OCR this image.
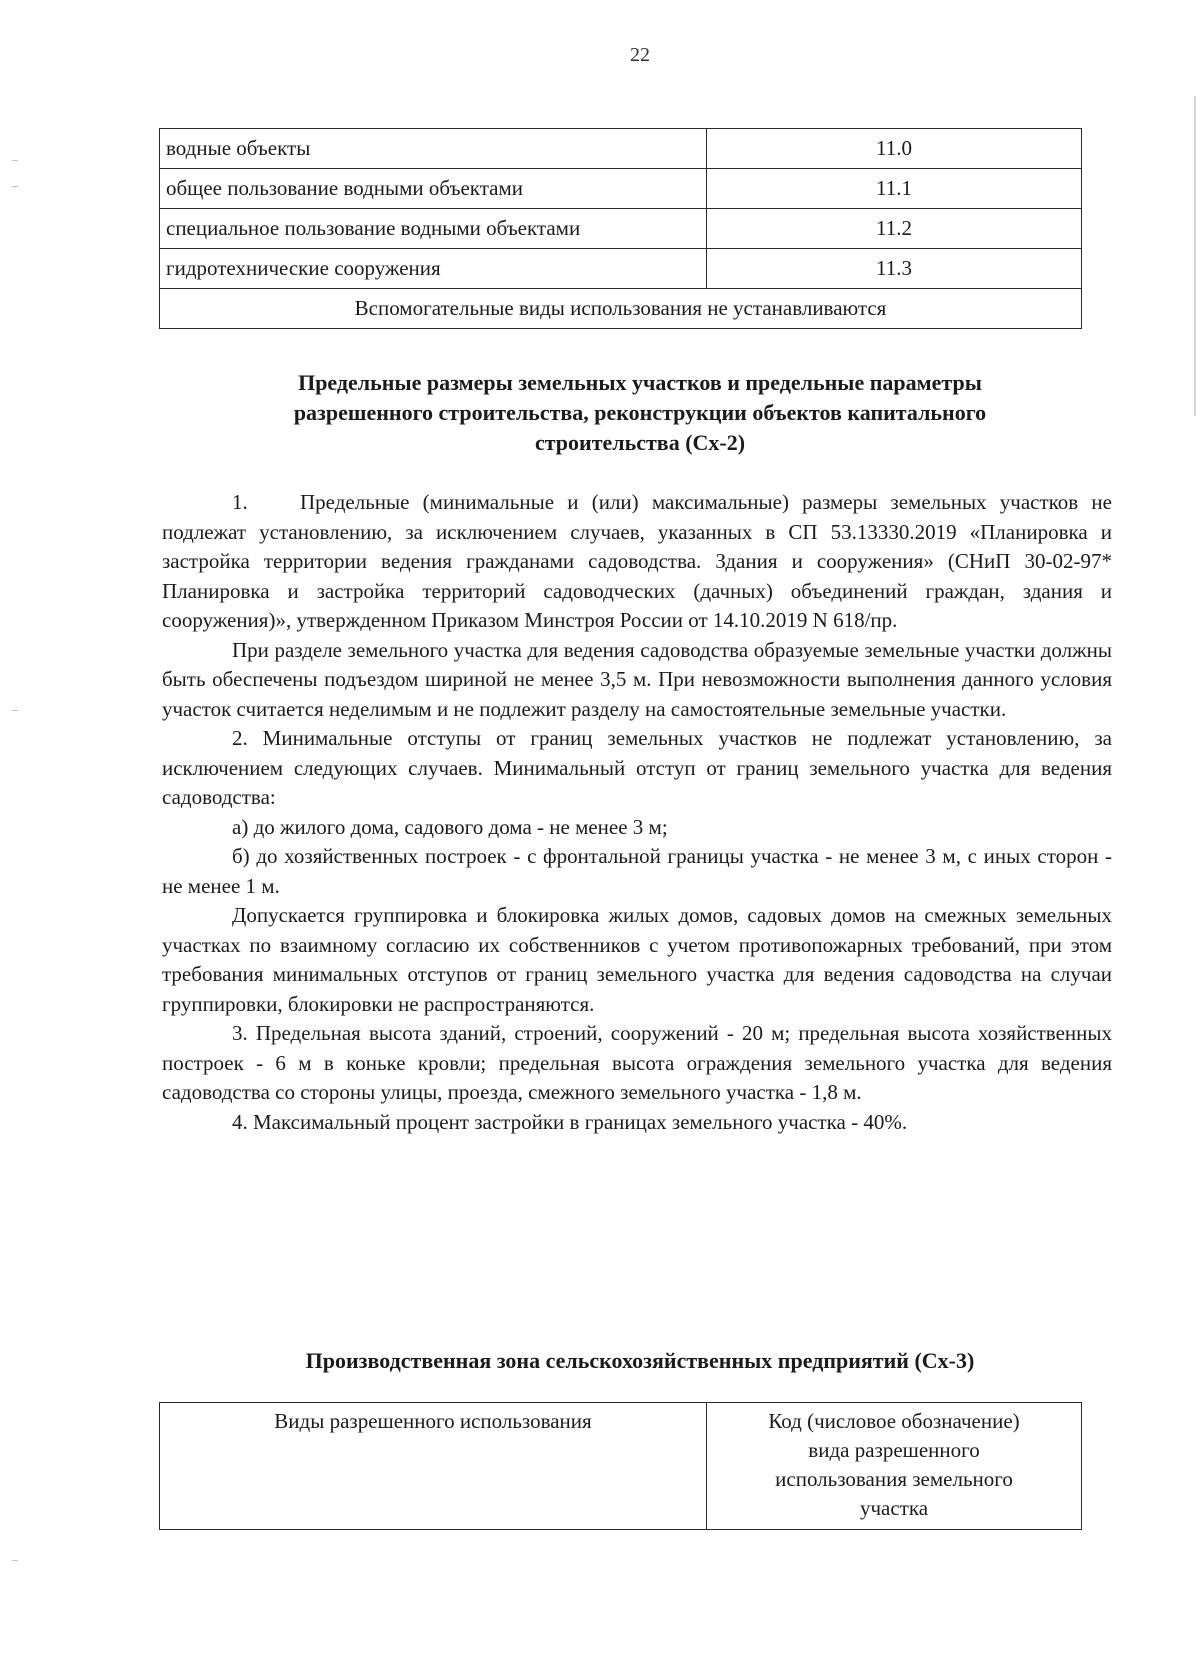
22
водные объекты	11.0
общее пользование водными объектами	11.1
специальное пользование водными объектами	11.2
гидротехнические сооружения	11.3
Вспомогательные виды использования не устанавливаются	
Предельные размеры земельных участков и предельные параметры
разрешенного строительства, реконструкции объектов капитального
строительства (Сх-2)

1. Предельные (минимальные и (или) максимальные) размеры земельных участков не подлежат установлению, за исключением случаев, указанных в СП 53.13330.2019 «Планировка и застройка территории ведения гражданами садоводства. Здания и сооружения» (СНиП 30-02-97* Планировка и застройка территорий садоводческих (дачных) объединений граждан, здания и сооружения)», утвержденном Приказом Минстроя России от 14.10.2019 N 618/пр.

При разделе земельного участка для ведения садоводства образуемые земельные участки должны быть обеспечены подъездом шириной не менее 3,5 м. При невозможности выполнения данного условия участок считается неделимым и не подлежит разделу на самостоятельные земельные участки.

2. Минимальные отступы от границ земельных участков не подлежат установлению, за исключением следующих случаев. Минимальный отступ от границ земельного участка для ведения садоводства:

а) до жилого дома, садового дома - не менее 3 м;

б) до хозяйственных построек - с фронтальной границы участка - не менее 3 м, с иных сторон - не менее 1 м.

Допускается группировка и блокировка жилых домов, садовых домов на смежных земельных участках по взаимному согласию их собственников с учетом противопожарных требований, при этом требования минимальных отступов от границ земельного участка для ведения садоводства на случаи группировки, блокировки не распространяются.

3. Предельная высота зданий, строений, сооружений - 20 м; предельная высота хозяйственных построек - 6 м в коньке кровли; предельная высота ограждения земельного участка для ведения садоводства со стороны улицы, проезда, смежного земельного участка - 1,8 м.

4. Максимальный процент застройки в границах земельного участка - 40%.

Производственная зона сельскохозяйственных предприятий (Сх-3)
Виды разрешенного использования	Код (числовое обозначение)
вида разрешенного
использования земельного
участка
